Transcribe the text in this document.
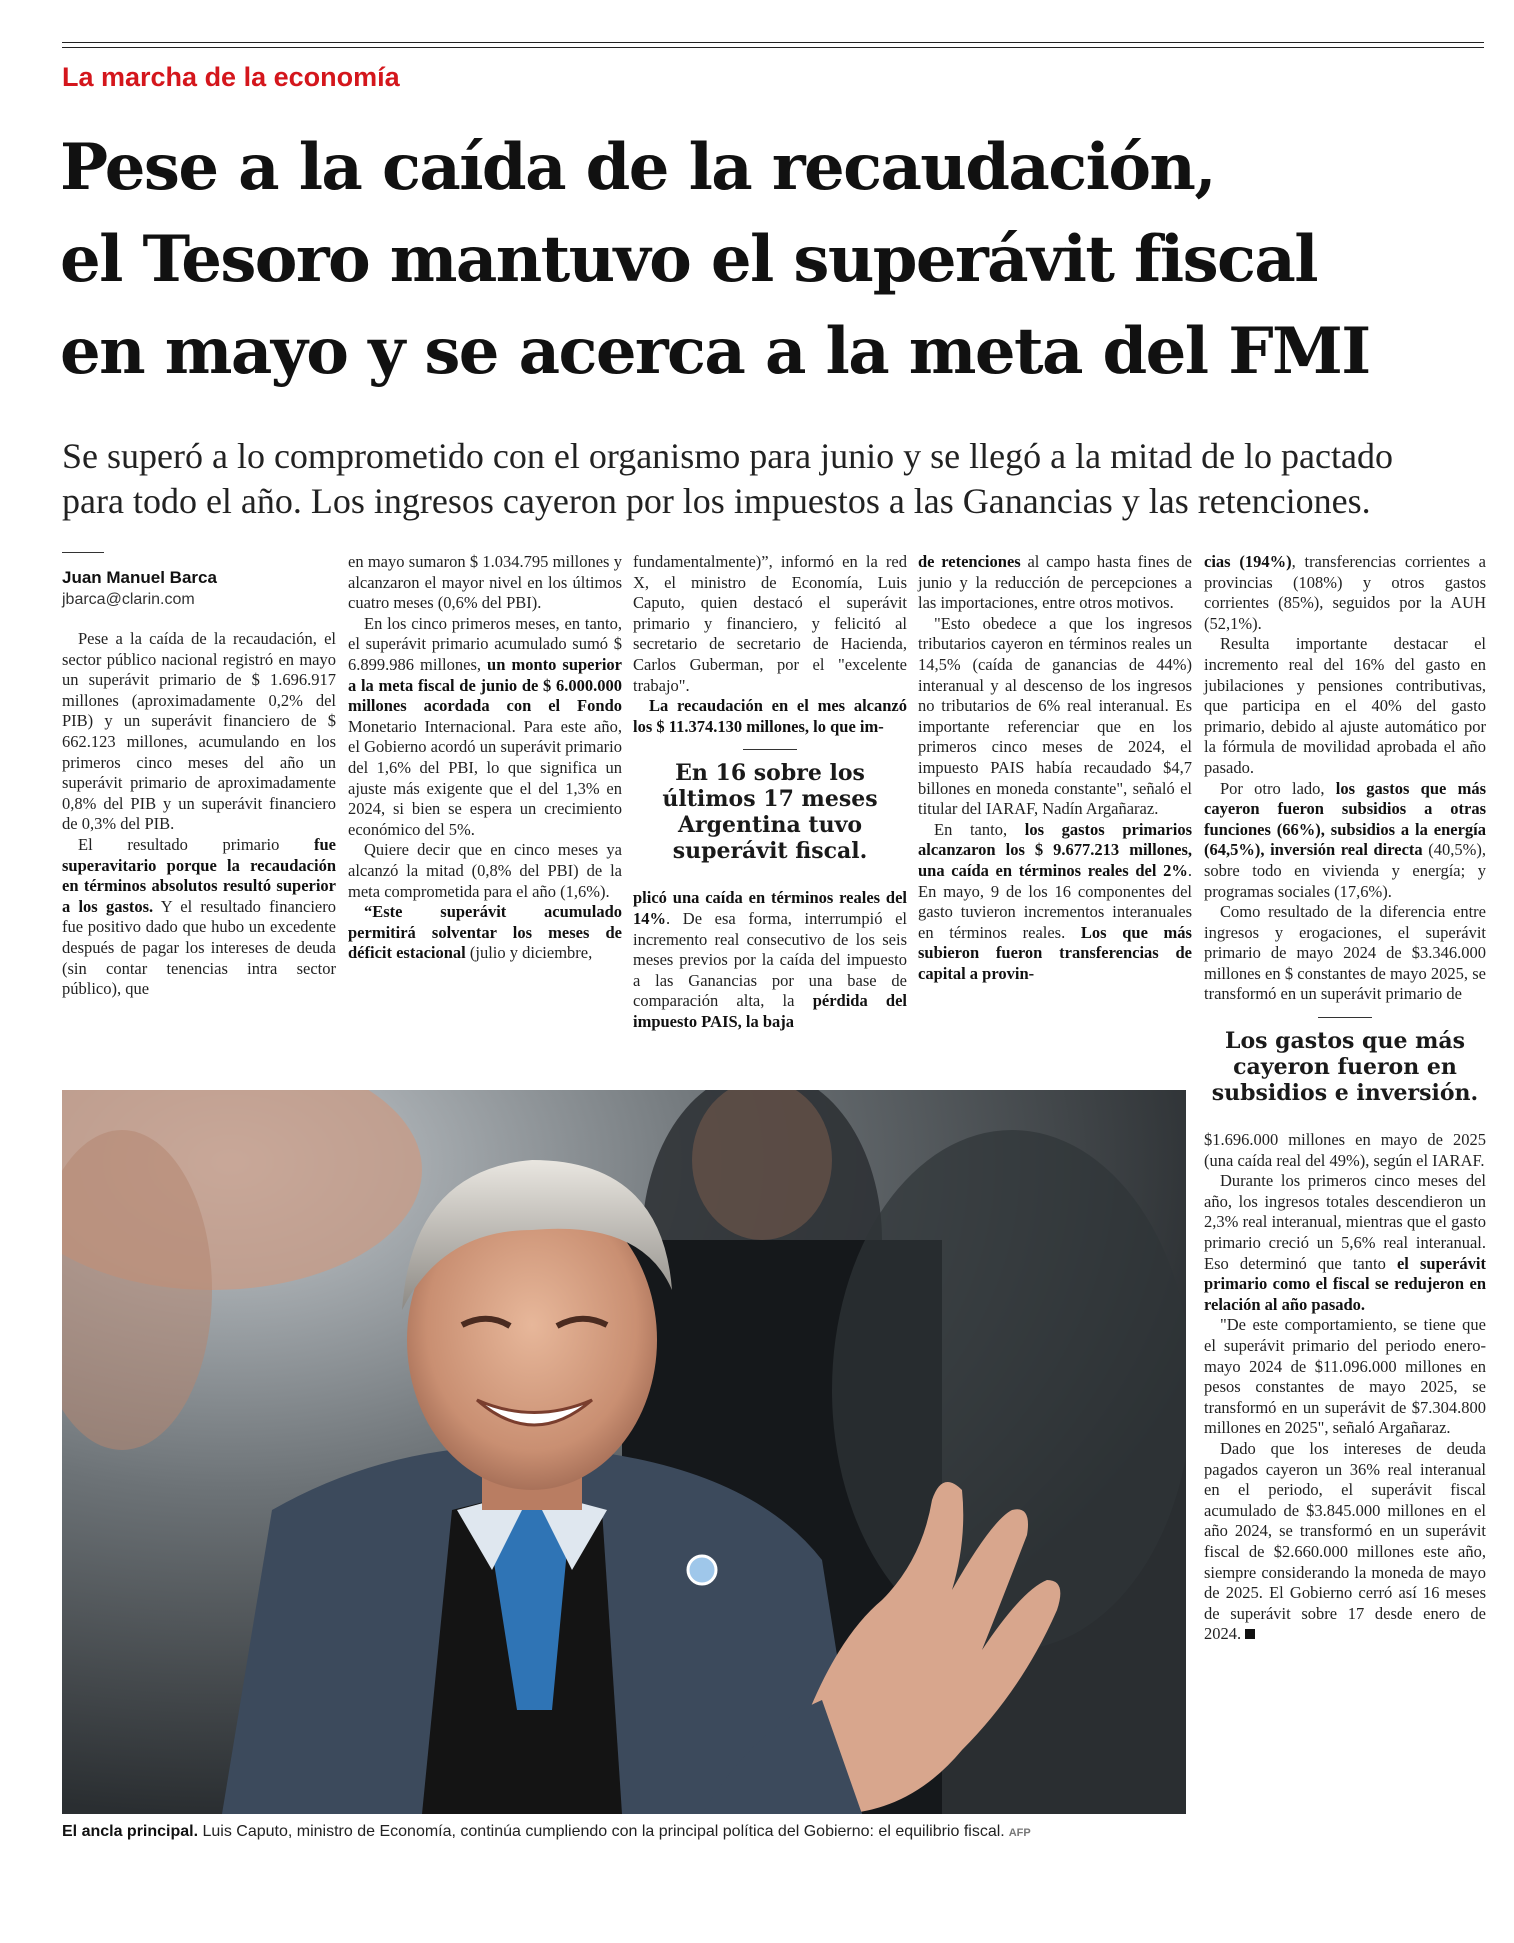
La marcha de la economía
Pese a la caída de la recaudación,
el Tesoro mantuvo el superávit fiscal
en mayo y se acerca a la meta del FMI

Se superó a lo comprometido con el organismo para junio y se llegó a la mitad de lo pactado
para todo el año. Los ingresos cayeron por los impuestos a las Ganancias y las retenciones.

Juan Manuel Barca
jbarca@clarin.com

Pese a la caída de la recaudación, el sector público nacional registró en mayo un superávit primario de $ 1.696.917 millones (aproximadamente 0,2% del PIB) y un superávit financiero de $ 662.123 millones, acumulando en los primeros cinco meses del año un superávit primario de aproximadamente 0,8% del PIB y un superávit financiero de 0,3% del PIB.

El resultado primario fue superavitario porque la recaudación en términos absolutos resultó superior a los gastos. Y el resultado financiero fue positivo dado que hubo un excedente después de pagar los intereses de deuda (sin contar tenencias intra sector público), que

en mayo sumaron $ 1.034.795 millones y alcanzaron el mayor nivel en los últimos cuatro meses (0,6% del PBI).

En los cinco primeros meses, en tanto, el superávit primario acumulado sumó $ 6.899.986 millones, un monto superior a la meta fiscal de junio de $ 6.000.000 millones acordada con el Fondo Monetario Internacional. Para este año, el Gobierno acordó un superávit primario del 1,6% del PBI, lo que significa un ajuste más exigente que el del 1,3% en 2024, si bien se espera un crecimiento económico del 5%.

Quiere decir que en cinco meses ya alcanzó la mitad (0,8% del PBI) de la meta comprometida para el año (1,6%).

“Este superávit acumulado permitirá solventar los meses de déficit estacional (julio y diciembre,

fundamentalmente)”, informó en la red X, el ministro de Economía, Luis Caputo, quien destacó el superávit primario y financiero, y felicitó al secretario de secretario de Hacienda, Carlos Guberman, por el "excelente trabajo".

La recaudación en el mes alcanzó los $ 11.374.130 millones, lo que im-

En 16 sobre los últimos 17 meses Argentina tuvo superávit fiscal.

plicó una caída en términos reales del 14%. De esa forma, interrumpió el incremento real consecutivo de los seis meses previos por la caída del impuesto a las Ganancias por una base de comparación alta, la pérdida del impuesto PAIS, la baja

de retenciones al campo hasta fines de junio y la reducción de percepciones a las importaciones, entre otros motivos.

"Esto obedece a que los ingresos tributarios cayeron en términos reales un 14,5% (caída de ganancias de 44%) interanual y al descenso de los ingresos no tributarios de 6% real interanual. Es importante referenciar que en los primeros cinco meses de 2024, el impuesto PAIS había recaudado $4,7 billones en moneda constante", señaló el titular del IARAF, Nadín Argañaraz.

En tanto, los gastos primarios alcanzaron los $ 9.677.213 millones, una caída en términos reales del 2%. En mayo, 9 de los 16 componentes del gasto tuvieron incrementos interanuales en términos reales. Los que más subieron fueron transferencias de capital a provin-

cias (194%), transferencias corrientes a provincias (108%) y otros gastos corrientes (85%), seguidos por la AUH (52,1%).

Resulta importante destacar el incremento real del 16% del gasto en jubilaciones y pensiones contributivas, que participa en el 40% del gasto primario, debido al ajuste automático por la fórmula de movilidad aprobada el año pasado.

Por otro lado, los gastos que más cayeron fueron subsidios a otras funciones (66%), subsidios a la energía (64,5%), inversión real directa (40,5%), sobre todo en vivienda y energía; y programas sociales (17,6%).

Como resultado de la diferencia entre ingresos y erogaciones, el superávit primario de mayo 2024 de $3.346.000 millones en $ constantes de mayo 2025, se transformó en un superávit primario de

Los gastos que más cayeron fueron en subsidios e inversión.

$1.696.000 millones en mayo de 2025 (una caída real del 49%), según el IARAF.

Durante los primeros cinco meses del año, los ingresos totales descendieron un 2,3% real interanual, mientras que el gasto primario creció un 5,6% real interanual. Eso determinó que tanto el superávit primario como el fiscal se redujeron en relación al año pasado.

"De este comportamiento, se tiene que el superávit primario del periodo enero-mayo 2024 de $11.096.000 millones en pesos constantes de mayo 2025, se transformó en un superávit de $7.304.800 millones en 2025", señaló Argañaraz.

Dado que los intereses de deuda pagados cayeron un 36% real interanual en el periodo, el superávit fiscal acumulado de $3.845.000 millones en el año 2024, se transformó en un superávit fiscal de $2.660.000 millones este año, siempre considerando la moneda de mayo de 2025. El Gobierno cerró así 16 meses de superávit sobre 17 desde enero de 2024.

El ancla principal. Luis Caputo, ministro de Economía, continúa cumpliendo con la principal política del Gobierno: el equilibrio fiscal. AFP
